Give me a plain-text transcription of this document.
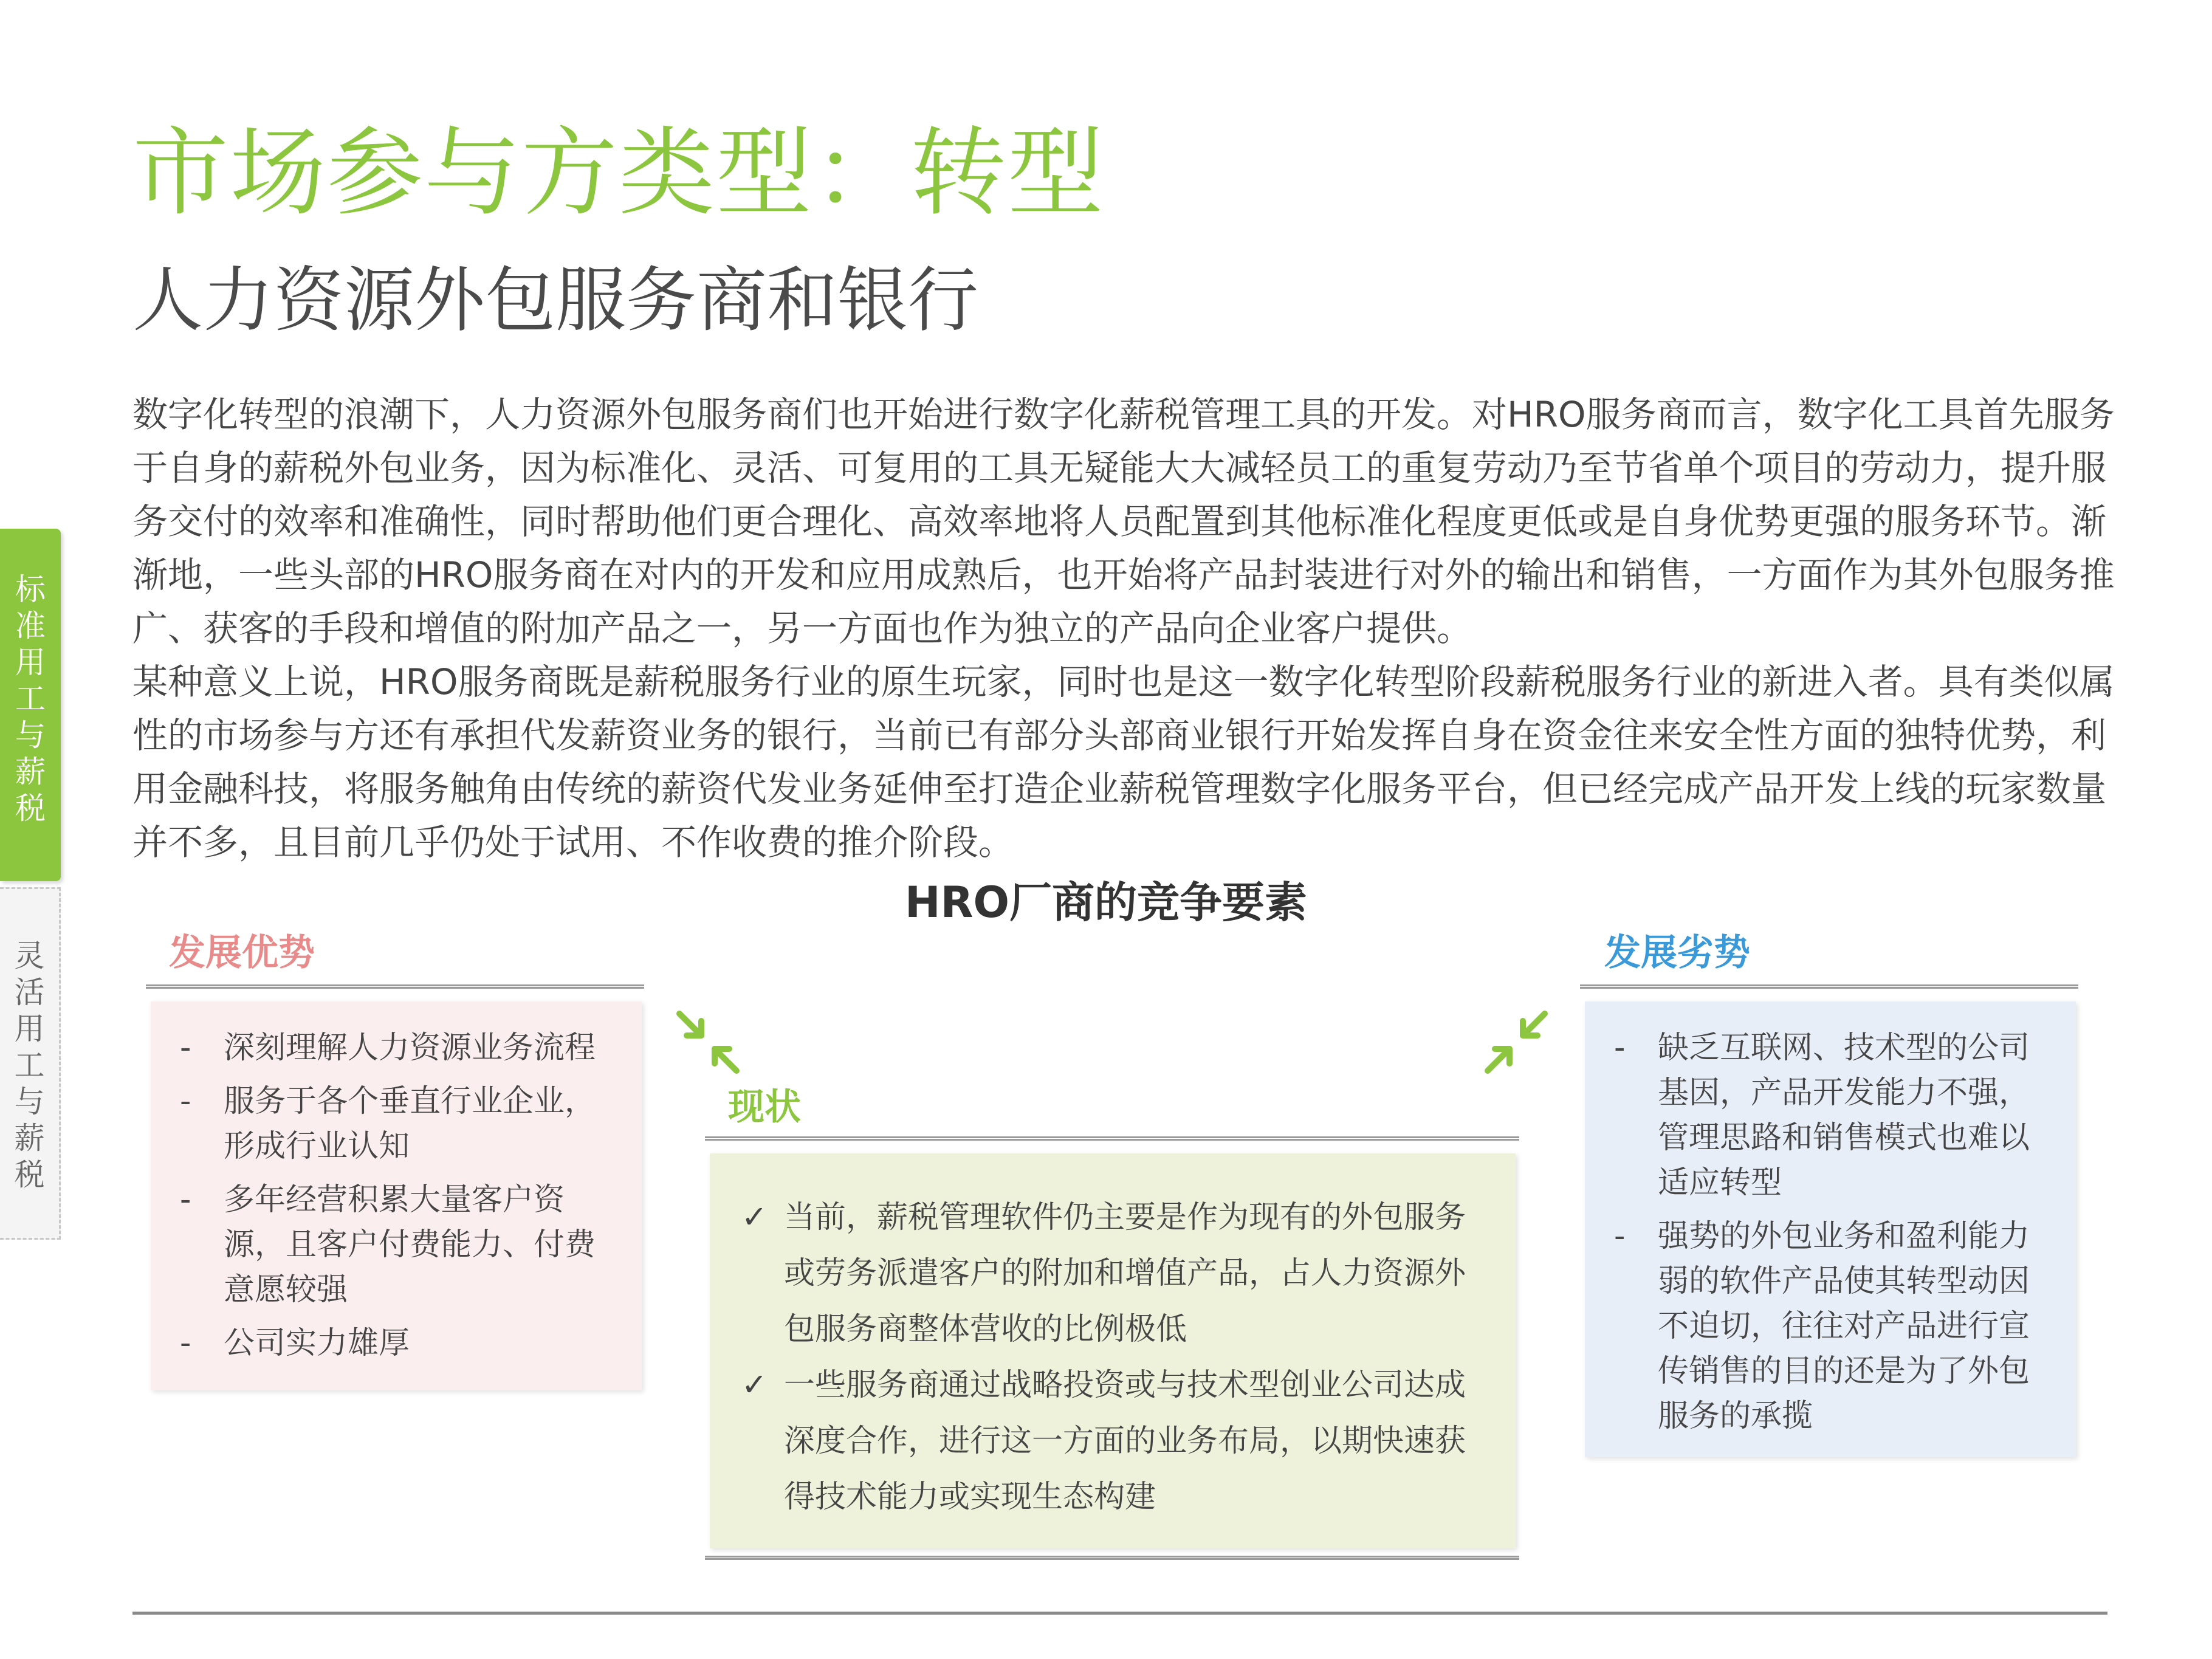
市场参与方类型：转型
人力资源外包服务商和银行

数字化转型的浪潮下，人力资源外包服务商们也开始进行数字化薪税管理工具的开发。对HRO服务商而言，数字化工具首先服务于自身的薪税外包业务，因为标准化、灵活、可复用的工具无疑能大大减轻员工的重复劳动乃至节省单个项目的劳动力，提升服务交付的效率和准确性，同时帮助他们更合理化、高效率地将人员配置到其他标准化程度更低或是自身优势更强的服务环节。渐渐地，一些头部的HRO服务商在对内的开发和应用成熟后，也开始将产品封装进行对外的输出和销售，一方面作为其外包服务推广、获客的手段和增值的附加产品之一，另一方面也作为独立的产品向企业客户提供。

某种意义上说，HRO服务商既是薪税服务行业的原生玩家，同时也是这一数字化转型阶段薪税服务行业的新进入者。具有类似属性的市场参与方还有承担代发薪资业务的银行，当前已有部分头部商业银行开始发挥自身在资金往来安全性方面的独特优势，利用金融科技，将服务触角由传统的薪资代发业务延伸至打造企业薪税管理数字化服务平台，但已经完成产品开发上线的玩家数量并不多，且目前几乎仍处于试用、不作收费的推介阶段。

标
准
用
工
与
薪
税
灵
活
用
工
与
薪
税
HRO厂商的竞争要素
发展优势
- 深刻理解人力资源业务流程
- 服务于各个垂直行业企业，形成行业认知
- 多年经营积累大量客户资源，且客户付费能力、付费意愿较强
- 公司实力雄厚
现状
✓ 当前，薪税管理软件仍主要是作为现有的外包服务或劳务派遣客户的附加和增值产品，占人力资源外包服务商整体营收的比例极低
✓ 一些服务商通过战略投资或与技术型创业公司达成深度合作，进行这一方面的业务布局，以期快速获得技术能力或实现生态构建
发展劣势
- 缺乏互联网、技术型的公司基因，产品开发能力不强，管理思路和销售模式也难以适应转型
- 强势的外包业务和盈利能力弱的软件产品使其转型动因不迫切，往往对产品进行宣传销售的目的还是为了外包服务的承揽
